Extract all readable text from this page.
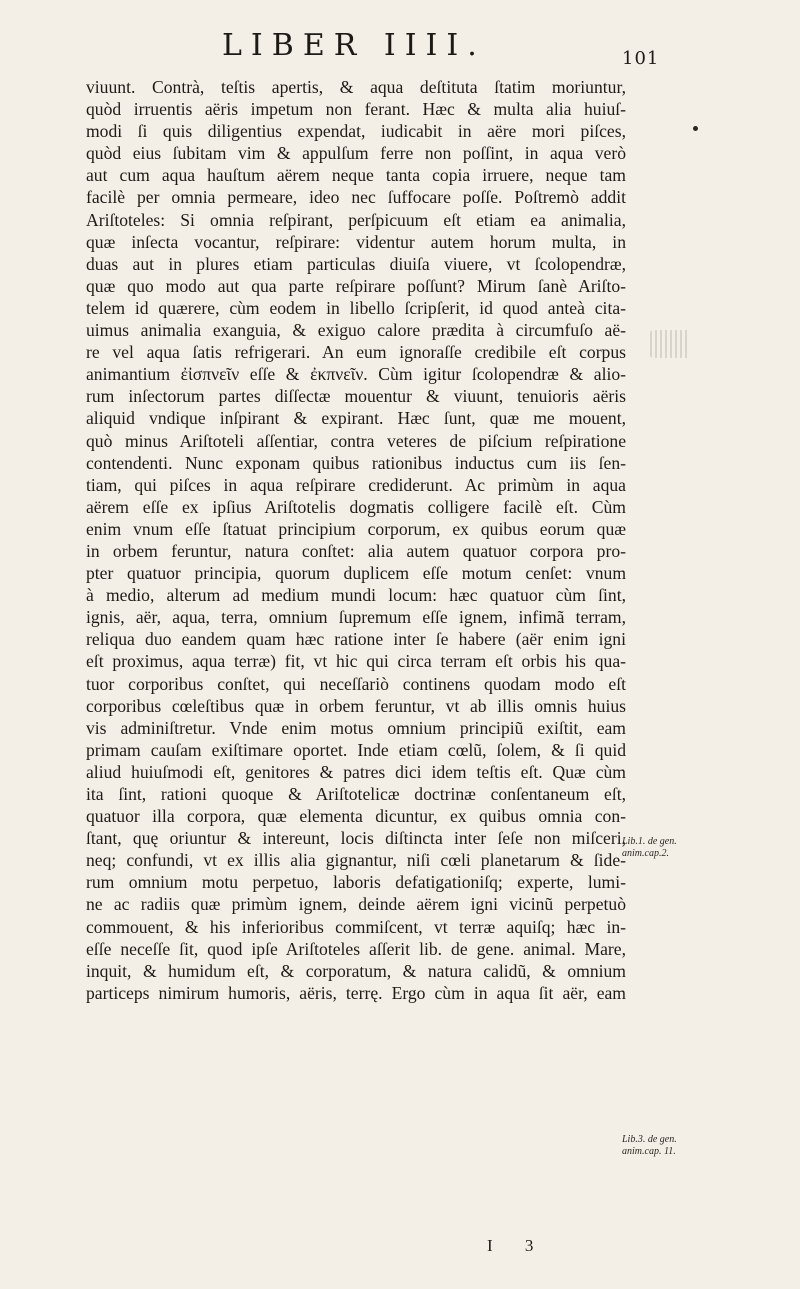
LIBER IIII.	101
viuunt. Contrà, teſtis apertis, & aqua deſtituta ſtatim moriuntur,
quòd irruentis aëris impetum non ferant. Hæc & multa alia huiuſ-
modi ſi quis diligentius expendat, iudicabit in aëre mori piſces,
quòd eius ſubitam vim & appulſum ferre non poſſint, in aqua verò
aut cum aqua hauſtum aërem neque tanta copia irruere, neque tam
facilè per omnia permeare, ideo nec ſuffocare poſſe. Poſtremò addit
Ariſtoteles: Si omnia reſpirant, perſpicuum eſt etiam ea animalia,
quæ inſecta vocantur, reſpirare: videntur autem horum multa, in
duas aut in plures etiam particulas diuiſa viuere, vt ſcolopendræ,
quæ quo modo aut qua parte reſpirare poſſunt? Mirum ſanè Ariſto-
telem id quærere, cùm eodem in libello ſcripſerit, id quod anteà cita-
uimus animalia exanguia, & exiguo calore prædita à circumfuſo aë-
re vel aqua ſatis refrigerari. An eum ignoraſſe credibile eſt corpus
animantium ἐἰσπνεῖν eſſe & ἐκπνεῖν. Cùm igitur ſcolopendræ & alio-
rum inſectorum partes diſſectæ mouentur & viuunt, tenuioris aëris
aliquid vndique inſpirant & expirant. Hæc ſunt, quæ me mouent,
quò minus Ariſtoteli aſſentiar, contra veteres de piſcium reſpiratione
contendenti. Nunc exponam quibus rationibus inductus cum iis ſen-
tiam, qui piſces in aqua reſpirare crediderunt. Ac primùm in aqua
aërem eſſe ex ipſius Ariſtotelis dogmatis colligere facilè eſt. Cùm
enim vnum eſſe ſtatuat principium corporum, ex quibus eorum quæ
in orbem feruntur, natura conſtet: alia autem quatuor corpora pro-
pter quatuor principia, quorum duplicem eſſe motum cenſet: vnum
à medio, alterum ad medium mundi locum: hæc quatuor cùm ſint,
ignis, aër, aqua, terra, omnium ſupremum eſſe ignem, infimã terram,
reliqua duo eandem quam hæc ratione inter ſe habere (aër enim igni
eſt proximus, aqua terræ) fit, vt hic qui circa terram eſt orbis his qua-
tuor corporibus conſtet, qui neceſſariò continens quodam modo eſt
corporibus cœleſtibus quæ in orbem feruntur, vt ab illis omnis huius
vis adminiſtretur. Vnde enim motus omnium principiũ exiſtit, eam
primam cauſam exiſtimare oportet. Inde etiam cœlũ, ſolem, & ſi quid
aliud huiuſmodi eſt, genitores & patres dici idem teſtis eſt. Quæ cùm
ita ſint, rationi quoque & Ariſtotelicæ doctrinæ conſentaneum eſt,
quatuor illa corpora, quæ elementa dicuntur, ex quibus omnia con-
ſtant, quę oriuntur & intereunt, locis diſtincta inter ſeſe non miſceri,
neq; confundi, vt ex illis alia gignantur, niſi cœli planetarum & ſide-
rum omnium motu perpetuo, laboris defatigationiſq; experte, lumi-
ne ac radiis quæ primùm ignem, deinde aërem igni vicinũ perpetuò
commouent, & his inferioribus commiſcent, vt terræ aquiſq; hæc in-
eſſe neceſſe ſit, quod ipſe Ariſtoteles aſſerit lib. de gene. animal. Mare,
inquit, & humidum eſt, & corporatum, & natura calidũ, & omnium
particeps nimirum humoris, aëris, terrę. Ergo cùm in aqua ſit aër, eam
Lib.1. de gen.
anim.cap.2.
Lib.3. de gen.
anim.cap. 11.
I 3
